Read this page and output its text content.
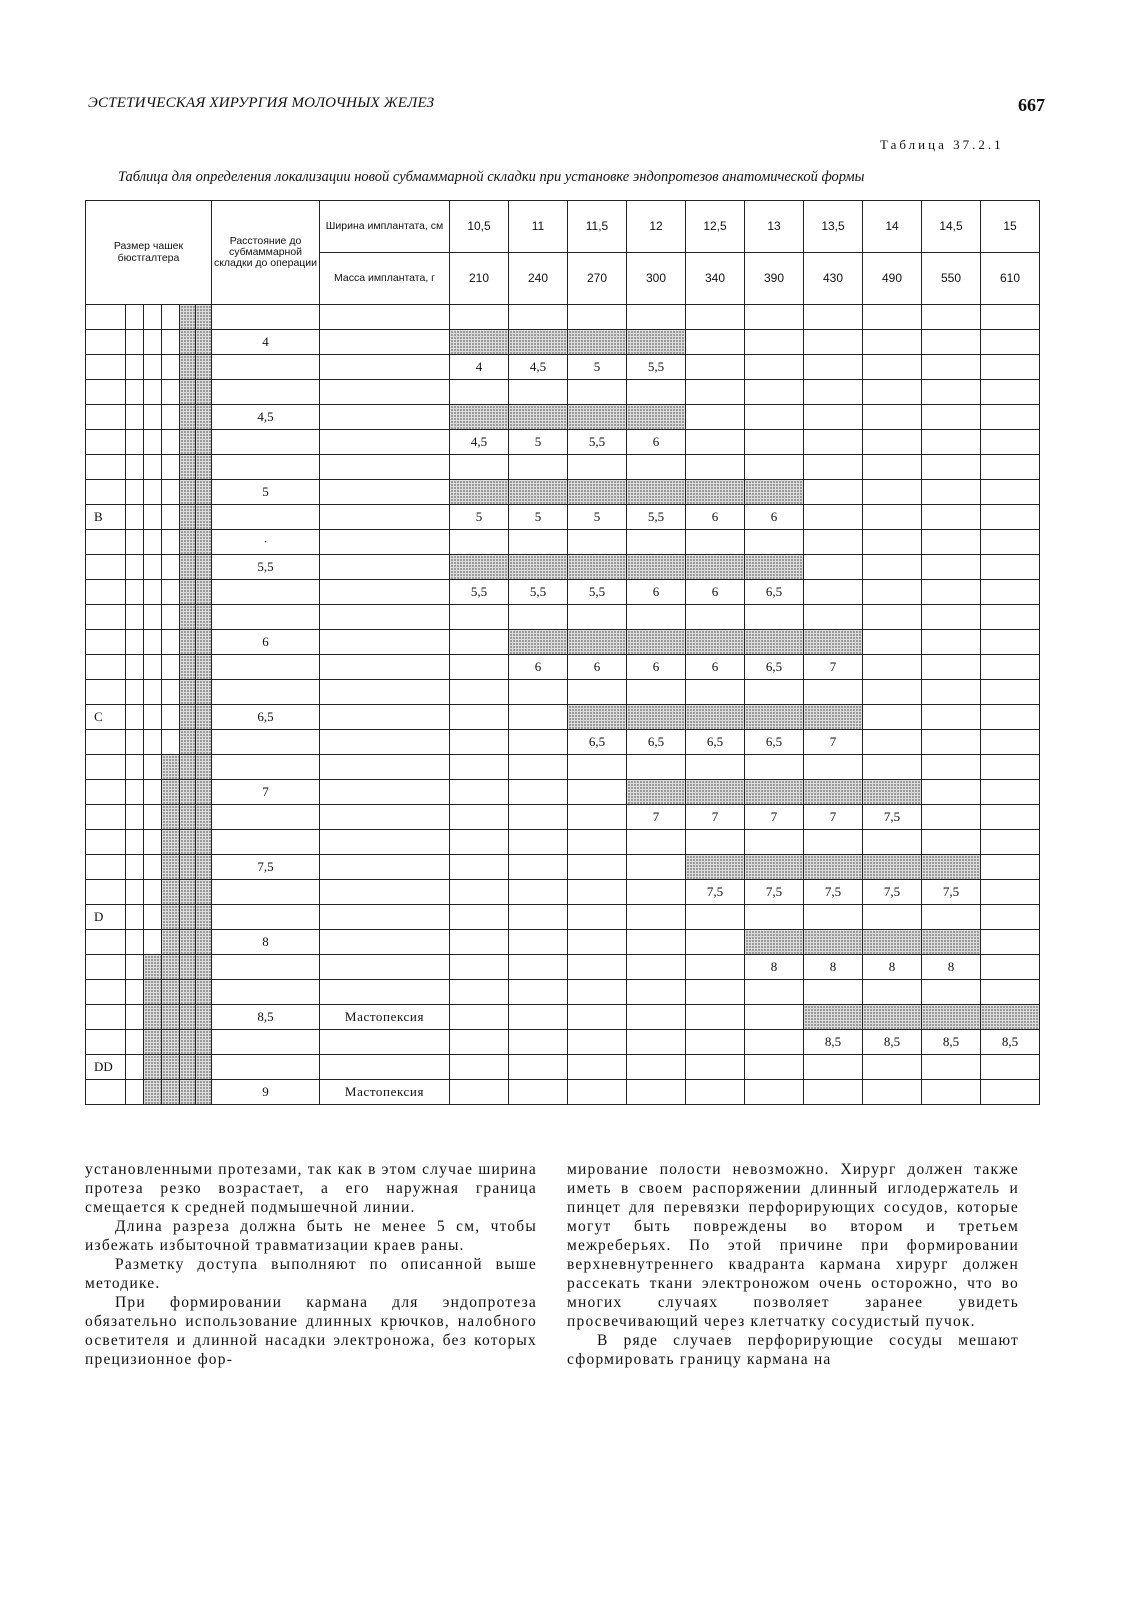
ЭСТЕТИЧЕСКАЯ ХИРУРГИЯ МОЛОЧНЫХ ЖЕЛЕЗ	667
Таблица 37.2.1
Таблица для определения локализации новой субмаммарной складки при установке эндопротезов анатомической формы
Размер чашек бюстгалтера						Расстояние до субмаммарной складки до операции	Ширина имплантата, см	10,5	11	11,5	12	12,5	13	13,5	14	14,5	15
							Масса имплантата, г	210	240	270	300	340	390	430	490	550	610

						4											
								4	4,5	5	5,5						

						4,5											
								4,5	5	5,5	6						

						5											
B								5	5	5	5,5	6	6				
						·											
						5,5											
								5,5	5,5	5,5	6	6	6,5				

						6											
									6	6	6	6	6,5	7			

C						6,5											
										6,5	6,5	6,5	6,5	7			

						7											
											7	7	7	7	7,5		

						7,5											
												7,5	7,5	7,5	7,5	7,5	
D																	
						8											
													8	8	8	8	

						8,5	Мастопексия										
														8,5	8,5	8,5	8,5
DD																	
						9	Мастопексия										

установленными протезами, так как в этом случае ширина протеза резко возрастает, а его наружная граница смещается к средней подмышечной линии.

Длина разреза должна быть не менее 5 см, чтобы избежать избыточной травматизации краев раны.

Разметку доступа выполняют по описанной выше методике.

При формировании кармана для эндопротеза обязательно использование длинных крючков, налобного осветителя и длинной насадки электроножа, без которых прецизионное фор-

мирование полости невозможно. Хирург должен также иметь в своем распоряжении длинный иглодержатель и пинцет для перевязки перфорирующих сосудов, которые могут быть повреждены во втором и третьем межреберьях. По этой причине при формировании верхневнутреннего квадранта кармана хирург должен рассекать ткани электроножом очень осторожно, что во многих случаях позволяет заранее увидеть просвечивающий через клетчатку сосудистый пучок.

В ряде случаев перфорирующие сосуды мешают сформировать границу кармана на
